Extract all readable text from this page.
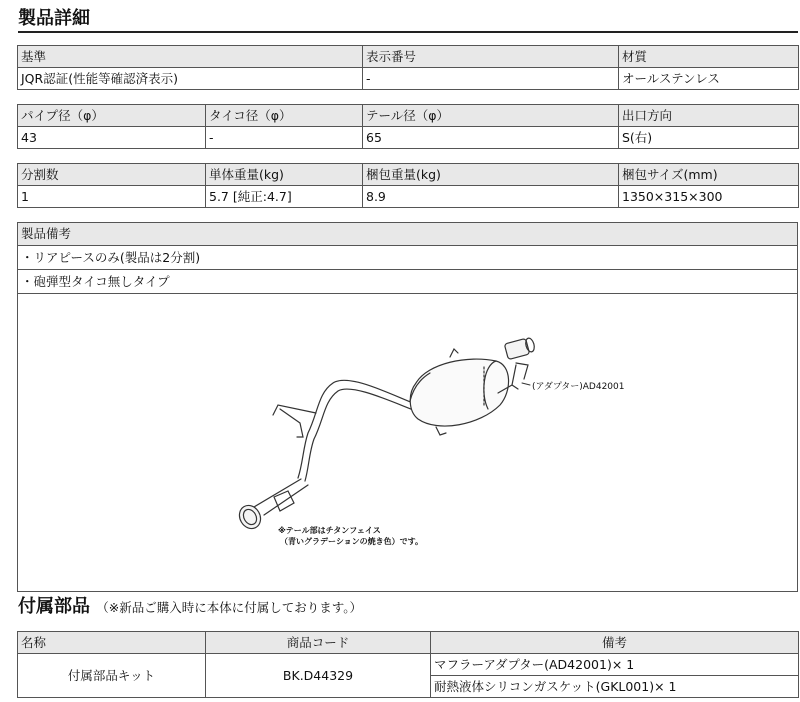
製品詳細
基準	表示番号	材質
JQR認証(性能等確認済表示)	-	オールステンレス
パイプ径（φ）	タイコ径（φ）	テール径（φ）	出口方向
43	-	65	S(右)
分割数	単体重量(kg)	梱包重量(kg)	梱包サイズ(mm)
1	5.7 [純正:4.7]	8.9	1350×315×300
製品備考
・リアピースのみ(製品は2分割)
・砲弾型タイコ無しタイプ
(アダプター)AD42001
※テール部はチタンフェイス
（青いグラデーションの焼き色）です。
付属部品 （※新品ご購入時に本体に付属しております。）
名称	商品コード	備考
付属部品キット	BK.D44329	マフラーアダプター(AD42001)× 1
		耐熱液体シリコンガスケット(GKL001)× 1
